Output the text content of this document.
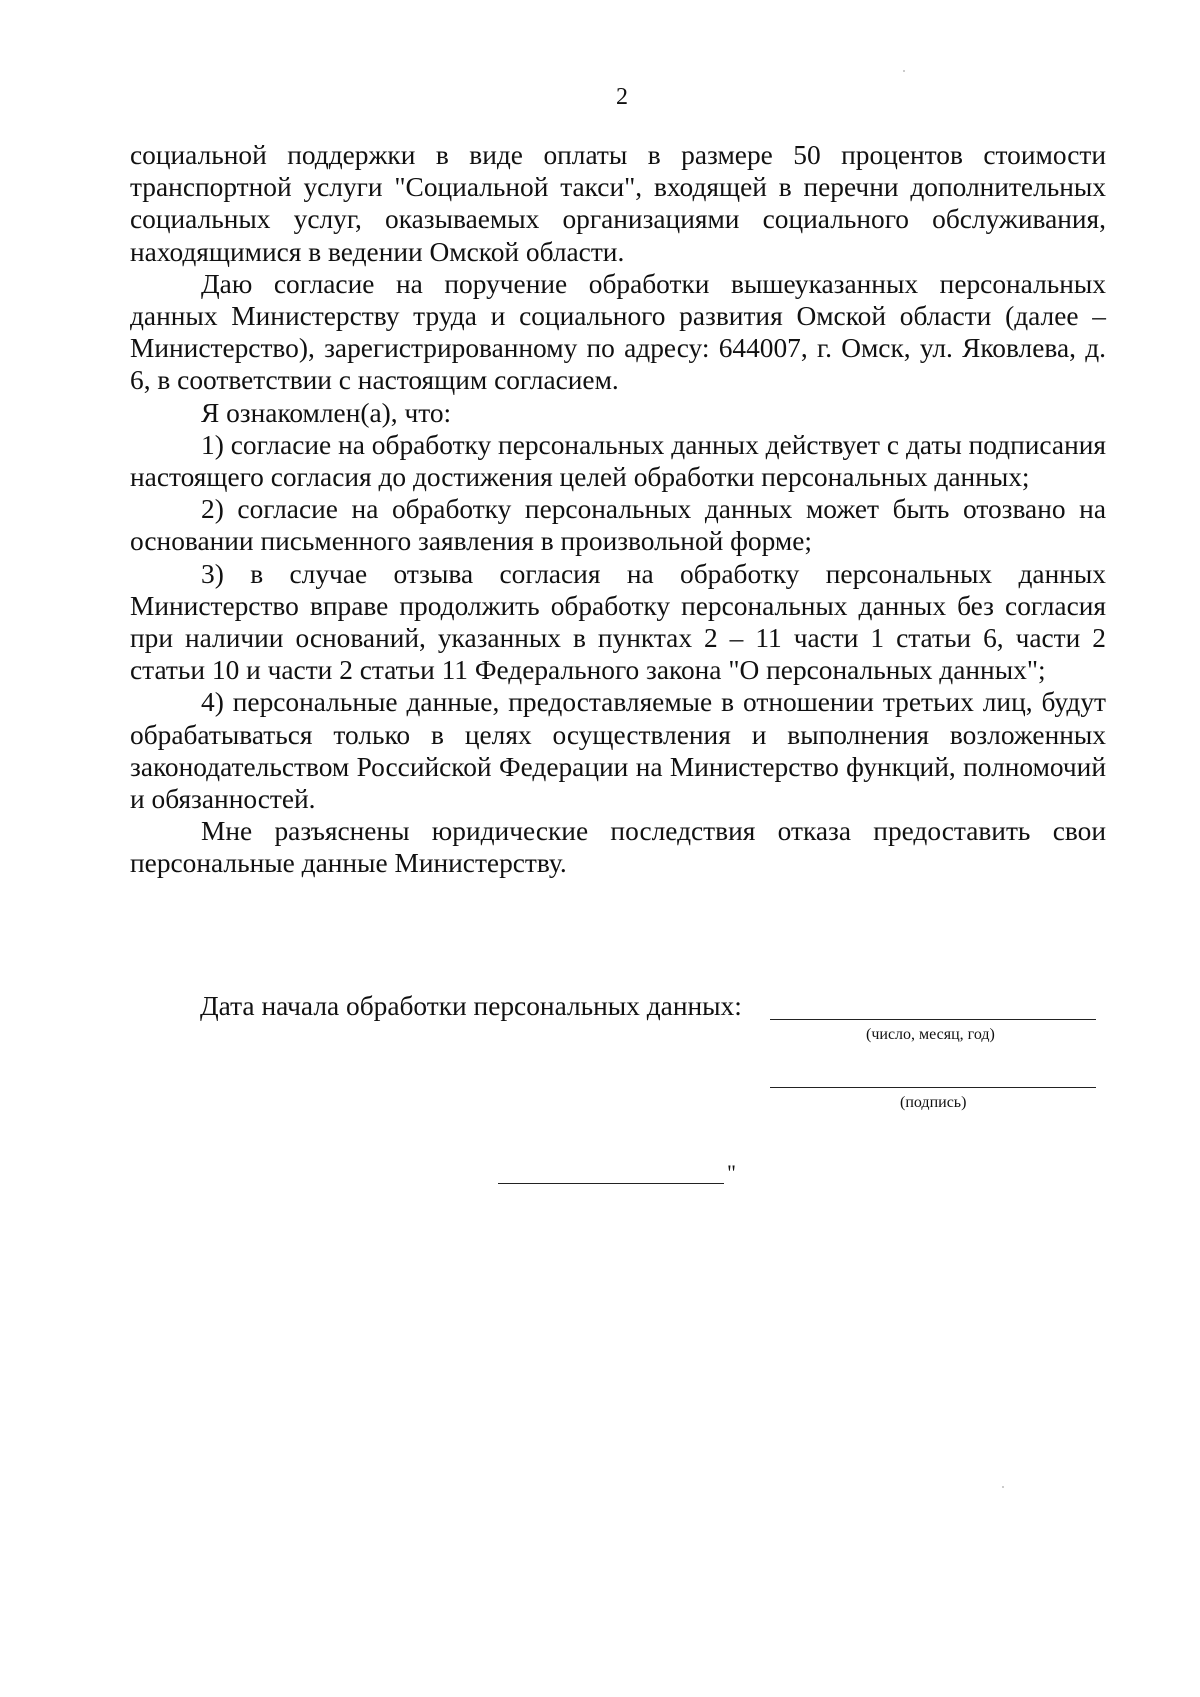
2

социальной поддержки в виде оплаты в размере 50 процентов стоимости транспортной услуги "Социальной такси", входящей в перечни дополнительных социальных услуг, оказываемых организациями социального обслуживания, находящимися в ведении Омской области.

Даю согласие на поручение обработки вышеуказанных персональных данных Министерству труда и социального развития Омской области (далее – Министерство), зарегистрированному по адресу: 644007, г. Омск, ул. Яковлева, д. 6, в соответствии с настоящим согласием.

Я ознакомлен(а), что:

1) согласие на обработку персональных данных действует с даты подписания настоящего согласия до достижения целей обработки персональных данных;

2) согласие на обработку персональных данных может быть отозвано на основании письменного заявления в произвольной форме;

3) в случае отзыва согласия на обработку персональных данных Министерство вправе продолжить обработку персональных данных без согласия при наличии оснований, указанных в пунктах 2 – 11 части 1 статьи 6, части 2 статьи 10 и части 2 статьи 11 Федерального закона "О персональных данных";

4) персональные данные, предоставляемые в отношении третьих лиц, будут обрабатываться только в целях осуществления и выполнения возложенных законодательством Российской Федерации на Министерство функций, полномочий и обязанностей.

Мне разъяснены юридические последствия отказа предоставить свои персональные данные Министерству.

Дата начала обработки персональных данных:
(число, месяц, год)
(подпись)
"
